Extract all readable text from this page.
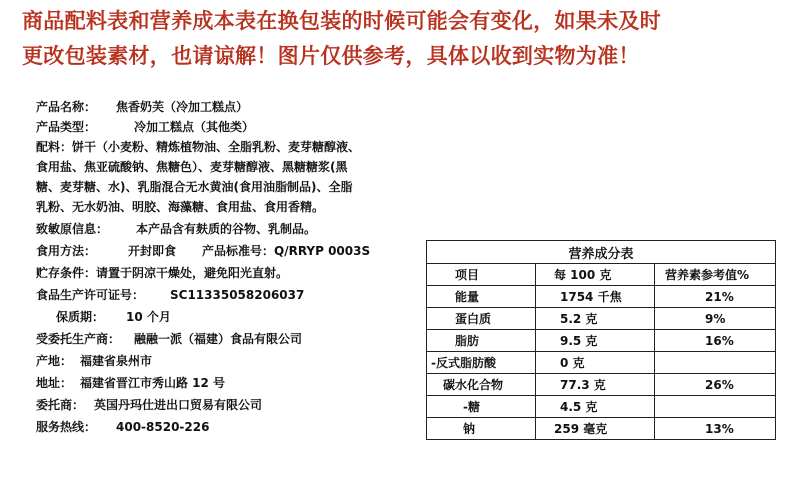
商品配料表和营养成本表在换包装的时候可能会有变化，如果未及时
更改包装素材，也请谅解！图片仅供参考，具体以收到实物为准！
产品名称： 焦香奶芙（冷加工糕点）
产品类型：	冷加工糕点（其他类）
配料：饼干（小麦粉、精炼植物油、全脂乳粉、麦芽糖醇液、
食用盐、焦亚硫酸钠、焦糖色）、麦芽糖醇液、黑糖糖浆(黑
糖、麦芽糖、水)、乳脂混合无水黄油(食用油脂制品)、全脂
乳粉、无水奶油、明胶、海藻糖、食用盐、食用香精。
致敏原信息： 本产品含有麸质的谷物、乳制品。
食用方法：	开封即食 产品标准号：Q/RRYP 0003S
贮存条件：请置于阴凉干燥处，避免阳光直射。
食品生产许可证号： SC11335058206037
保质期： 10 个月
受委托生产商： 融融一派（福建）食品有限公司
产地： 福建省泉州市
地址： 福建省晋江市秀山路 12 号
委托商： 英国丹玛仕进出口贸易有限公司
服务热线： 400-8520-226
营养成分表		
项目	每 100 克	营养素参考值%
能量	1754 千焦	21%
蛋白质	5.2 克	9%
脂肪	9.5 克	16%
-反式脂肪酸	0 克	
碳水化合物	77.3 克	26%
-糖	4.5 克	
钠	259 毫克	13%
